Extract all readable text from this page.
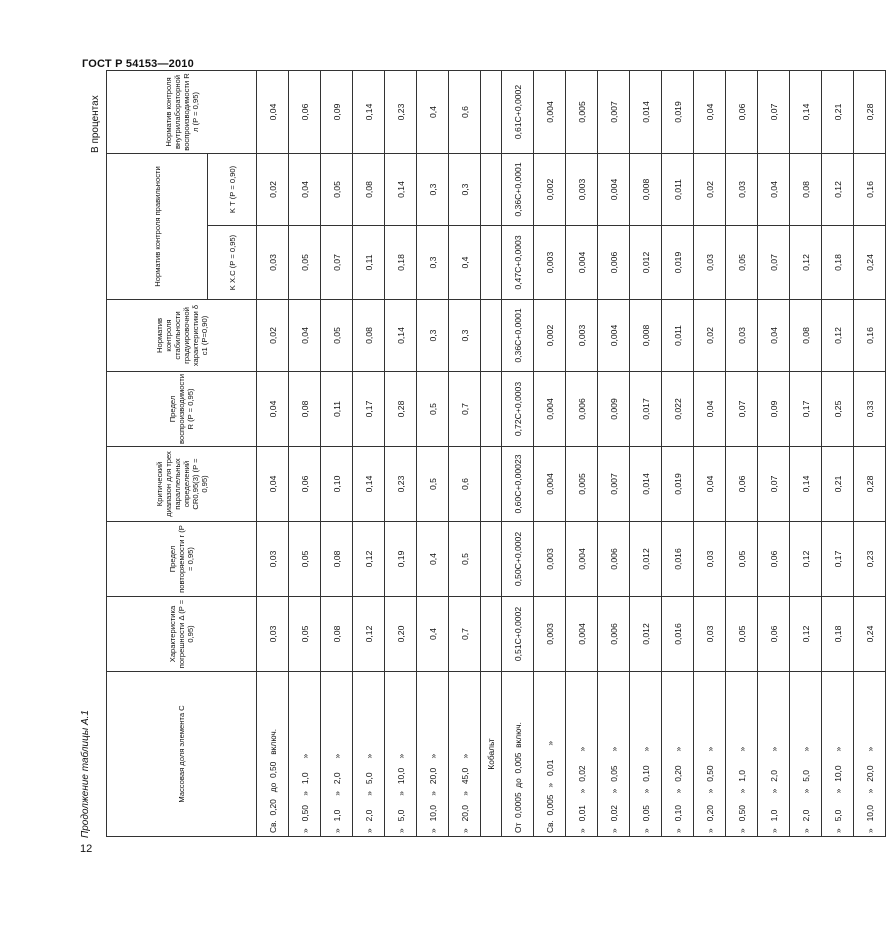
ГОСТ Р 54153—2010
12
Продолжение таблицы А.1
В процентах
Массовая доля элемента С	Характеристика погрешности Δ (P = 0,95)	Предел повторяемости r (P = 0,95)	Критический диапазон для трех параллельных определений CR0,95(3) (P = 0,95)	Предел воспроизводимости R (P = 0,95)	Норматив контроля стабильности градуировочной характеристики δ с1 (P=0,90)	Норматив контроля правильности		Норматив контроля внутрилабораторной воспроизводимости R л (P = 0,95)
						K Х.С (P = 0,95)	K Т (P = 0,90)	
Св.  0,20   до  0,50   включ.	0,03	0,03	0,04	0,04	0,02	0,03	0,02	0,04
»   0,50    »   1,0      »	0,05	0,05	0,06	0,08	0,04	0,05	0,04	0,06
»   1,0      »   2,0      »	0,08	0,08	0,10	0,11	0,05	0,07	0,05	0,09
»   2,0      »   5,0      »	0,12	0,12	0,14	0,17	0,08	0,11	0,08	0,14
»   5,0      »   10,0    »	0,20	0,19	0,23	0,28	0,14	0,18	0,14	0,23
»   10,0    »   20,0    »	0,4	0,4	0,5	0,5	0,3	0,3	0,3	0,4
»   20,0    »   45,0    »	0,7	0,5	0,6	0,7	0,3	0,4	0,3	0,6
Кобальт								
От  0,0005  до  0,005  включ.	0,51C+0,0002	0,50C+0,0002	0,60C+0,00023	0,72C+0,0003	0,36C+0,0001	0,47C+0,0003	0,36C+0,0001	0,61C+0,0002
Св.  0,005   »   0,01      »	0,003	0,003	0,004	0,004	0,002	0,003	0,002	0,004
»   0,01     »   0,02      »	0,004	0,004	0,005	0,006	0,003	0,004	0,003	0,005
»   0,02     »   0,05      »	0,006	0,006	0,007	0,009	0,004	0,006	0,004	0,007
»   0,05     »   0,10      »	0,012	0,012	0,014	0,017	0,008	0,012	0,008	0,014
»   0,10     »   0,20      »	0,016	0,016	0,019	0,022	0,011	0,019	0,011	0,019
»   0,20     »   0,50      »	0,03	0,03	0,04	0,04	0,02	0,03	0,02	0,04
»   0,50     »   1,0        »	0,05	0,05	0,06	0,07	0,03	0,05	0,03	0,06
»   1,0       »   2,0        »	0,06	0,06	0,07	0,09	0,04	0,07	0,04	0,07
»   2,0       »   5,0        »	0,12	0,12	0,14	0,17	0,08	0,12	0,08	0,14
»   5,0       »   10,0      »	0,18	0,17	0,21	0,25	0,12	0,18	0,12	0,21
»   10,0     »   20,0      »	0,24	0,23	0,28	0,33	0,16	0,24	0,16	0,28
